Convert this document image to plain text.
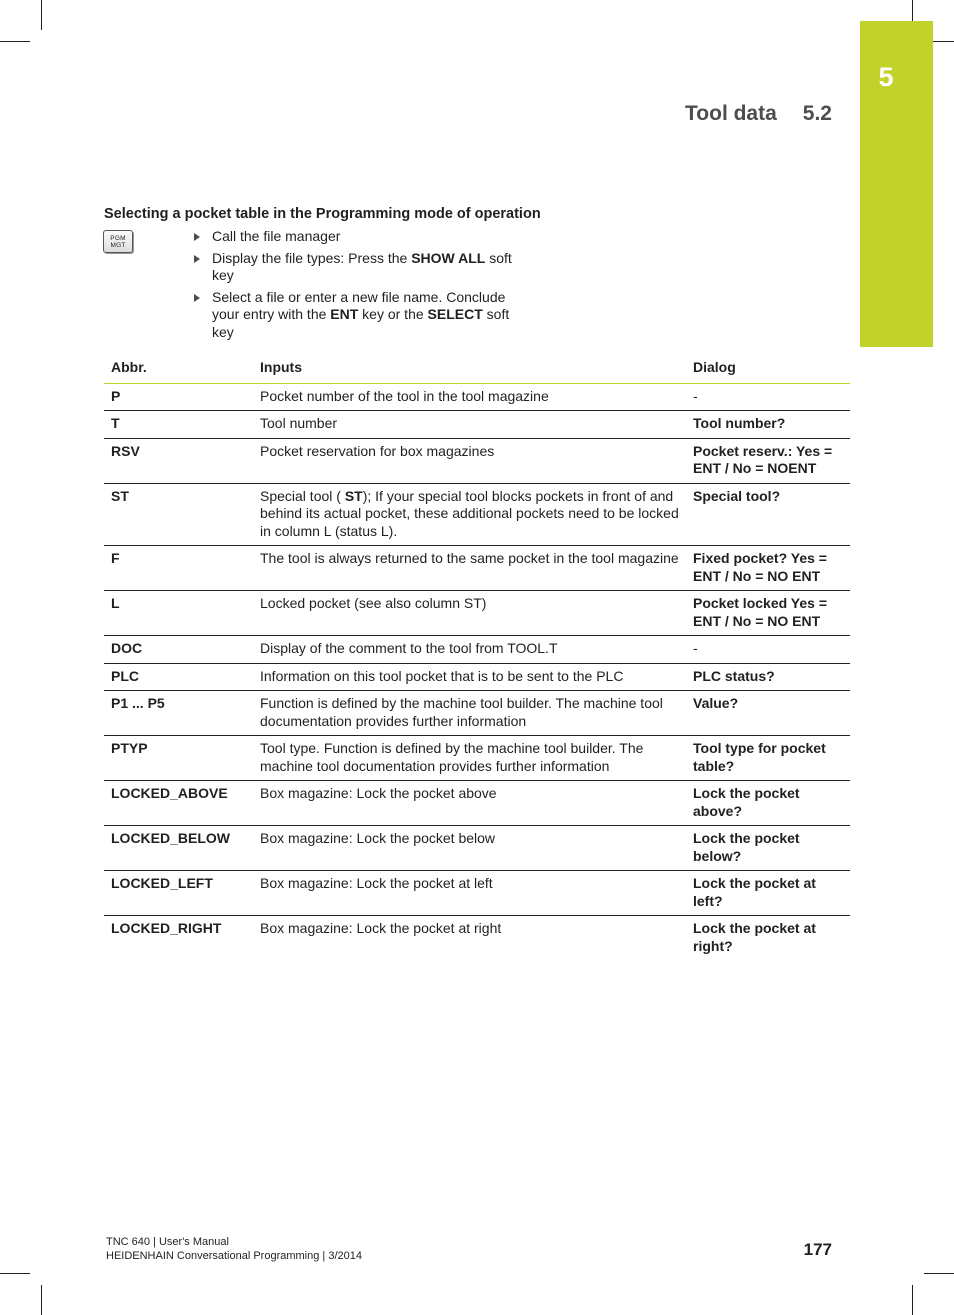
5
Tool data 5.2
Selecting a pocket table in the Programming mode of operation
PGM
MGT
Call the file manager
Display the file types: Press the SHOW ALL soft key
Select a file or enter a new file name. Conclude your entry with the ENT key or the SELECT soft key
Abbr.	Inputs	Dialog
P	Pocket number of the tool in the tool magazine	-
T	Tool number	Tool number?
RSV	Pocket reservation for box magazines	Pocket reserv.: Yes = ENT / No = NOENT
ST	Special tool ( ST); If your special tool blocks pockets in front of and behind its actual pocket, these additional pockets need to be locked in column L (status L).	Special tool?
F	The tool is always returned to the same pocket in the tool magazine	Fixed pocket? Yes = ENT / No = NO ENT
L	Locked pocket (see also column ST)	Pocket locked Yes = ENT / No = NO ENT
DOC	Display of the comment to the tool from TOOL.T	-
PLC	Information on this tool pocket that is to be sent to the PLC	PLC status?
P1 ... P5	Function is defined by the machine tool builder. The machine tool documentation provides further information	Value?
PTYP	Tool type. Function is defined by the machine tool builder. The machine tool documentation provides further information	Tool type for pocket table?
LOCKED_ABOVE	Box magazine: Lock the pocket above	Lock the pocket above?
LOCKED_BELOW	Box magazine: Lock the pocket below	Lock the pocket below?
LOCKED_LEFT	Box magazine: Lock the pocket at left	Lock the pocket at left?
LOCKED_RIGHT	Box magazine: Lock the pocket at right	Lock the pocket at right?
TNC 640 | User's Manual
HEIDENHAIN Conversational Programming | 3/2014	177
